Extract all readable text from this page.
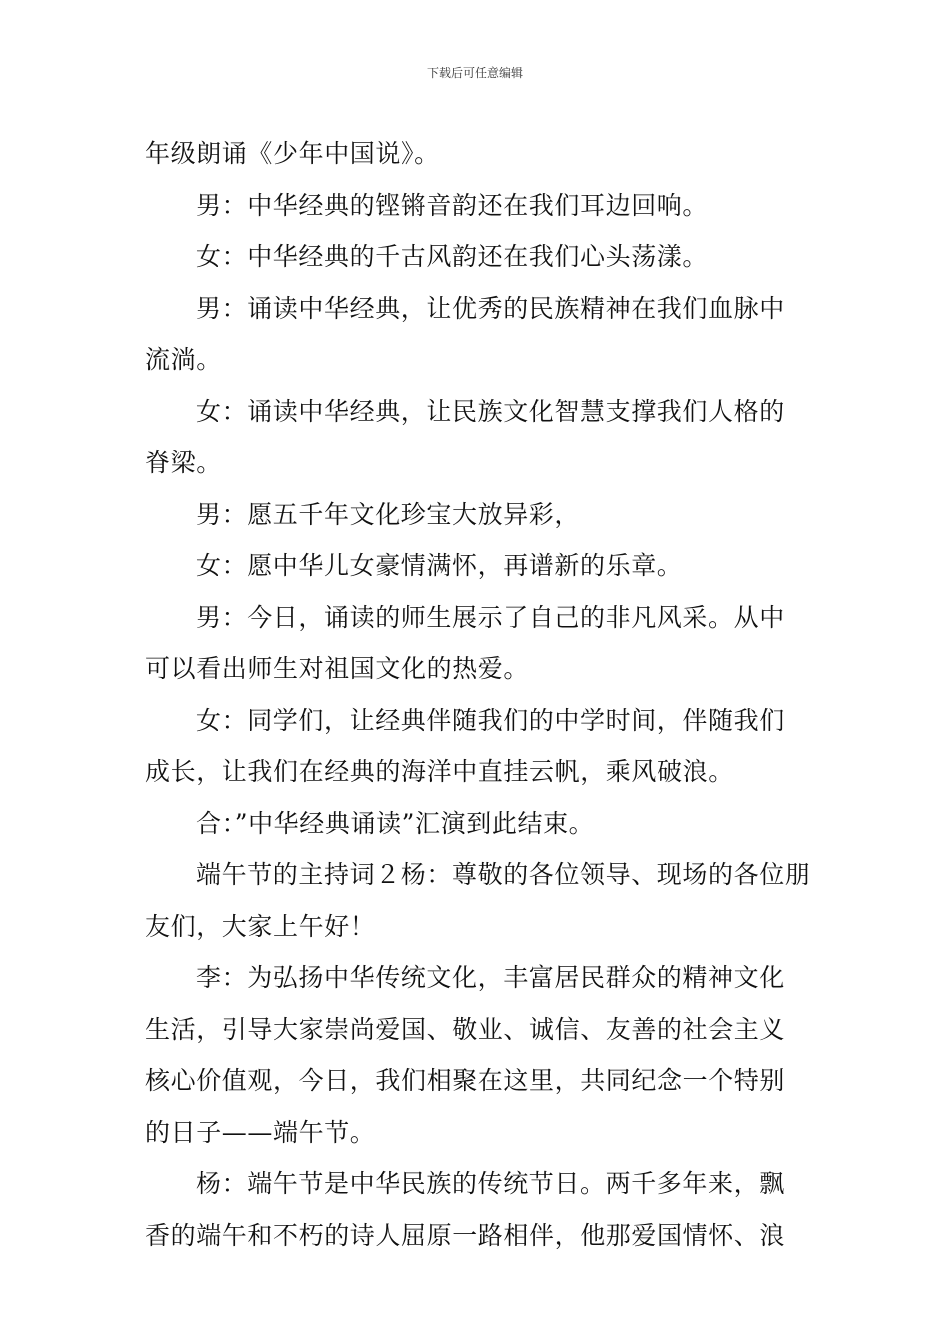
下载后可任意编辑
年级朗诵《少年中国说》。
男：中华经典的铿锵音韵还在我们耳边回响。
女：中华经典的千古风韵还在我们心头荡漾。
男：诵读中华经典，让优秀的民族精神在我们血脉中
流淌。
女：诵读中华经典，让民族文化智慧支撑我们人格的
脊梁。
男：愿五千年文化珍宝大放异彩，
女：愿中华儿女豪情满怀，再谱新的乐章。
男：今日，诵读的师生展示了自己的非凡风采。从中
可以看出师生对祖国文化的热爱。
女：同学们，让经典伴随我们的中学时间，伴随我们
成长，让我们在经典的海洋中直挂云帆，乘风破浪。
合：”中华经典诵读”汇演到此结束。
端午节的主持词２杨：尊敬的各位领导、现场的各位朋
友们，大家上午好！
李：为弘扬中华传统文化，丰富居民群众的精神文化
生活，引导大家崇尚爱国、敬业、诚信、友善的社会主义
核心价值观，今日，我们相聚在这里，共同纪念一个特别
的日子——端午节。
杨：端午节是中华民族的传统节日。两千多年来，飘
香的端午和不朽的诗人屈原一路相伴，他那爱国情怀、浪
